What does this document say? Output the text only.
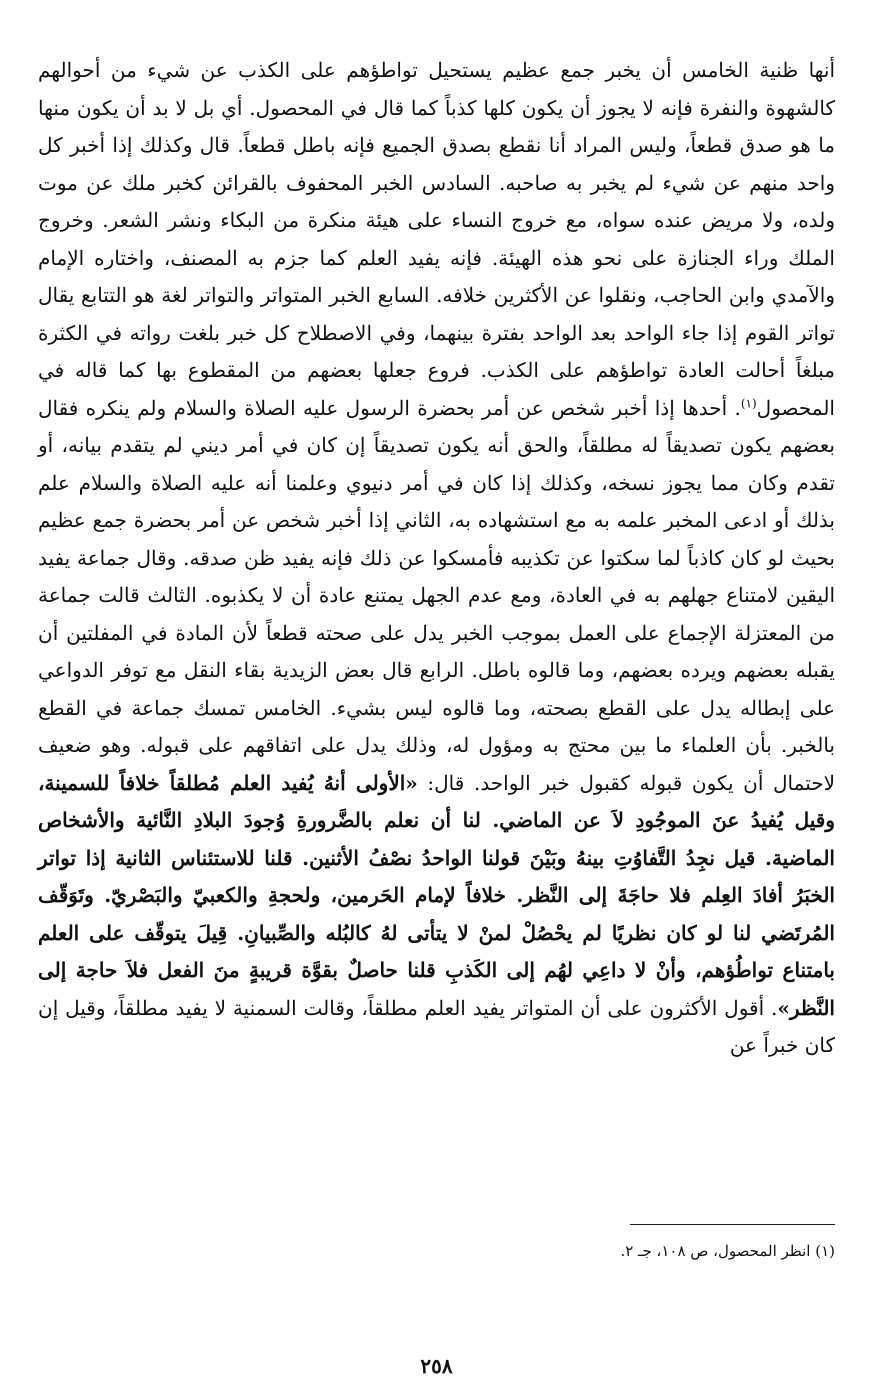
أنها ظنية الخامس أن يخبر جمع عظيم يستحيل تواطؤهم على الكذب عن شيء من أحوالهم كالشهوة والنفرة فإنه لا يجوز أن يكون كلها كذباً كما قال في المحصول. أي بل لا بد أن يكون منها ما هو صدق قطعاً، وليس المراد أنا نقطع بصدق الجميع فإنه باطل قطعاً. قال وكذلك إذا أخبر كل واحد منهم عن شيء لم يخبر به صاحبه. السادس الخبر المحفوف بالقرائن كخبر ملك عن موت ولده، ولا مريض عنده سواه، مع خروج النساء على هيئة منكرة من البكاء ونشر الشعر. وخروج الملك وراء الجنازة على نحو هذه الهيئة. فإنه يفيد العلم كما جزم به المصنف، واختاره الإمام والآمدي وابن الحاجب، ونقلوا عن الأكثرين خلافه. السابع الخبر المتواتر والتواتر لغة هو التتابع يقال تواتر القوم إذا جاء الواحد بعد الواحد بفترة بينهما، وفي الاصطلاح كل خبر بلغت رواته في الكثرة مبلغاً أحالت العادة تواطؤهم على الكذب. فروع جعلها بعضهم من المقطوع بها كما قاله في المحصول

$^{(١)}$

. أحدها إذا أخبر شخص عن أمر بحضرة الرسول عليه الصلاة والسلام ولم ينكره فقال بعضهم يكون تصديقاً له مطلقاً، والحق أنه يكون تصديقاً إن كان في أمر ديني لم يتقدم بيانه، أو تقدم وكان مما يجوز نسخه، وكذلك إذا كان في أمر دنيوي وعلمنا أنه عليه الصلاة والسلام علم بذلك أو ادعى المخبر علمه به مع استشهاده به، الثاني إذا أخبر شخص عن أمر بحضرة جمع عظيم بحيث لو كان كاذباً لما سكتوا عن تكذيبه فأمسكوا عن ذلك فإنه يفيد ظن صدقه. وقال جماعة يفيد اليقين لامتناع جهلهم به في العادة، ومع عدم الجهل يمتنع عادة أن لا يكذبوه. الثالث قالت جماعة من المعتزلة الإجماع على العمل بموجب الخبر يدل على صحته قطعاً لأن المادة في المفلتين أن يقبله بعضهم ويرده بعضهم، وما قالوه باطل. الرابع قال بعض الزيدية بقاء النقل مع توفر الدواعي على إبطاله يدل على القطع بصحته، وما قالوه ليس بشيء. الخامس تمسك جماعة في القطع بالخبر. بأن العلماء ما بين محتج به ومؤول له، وذلك يدل على اتفاقهم على قبوله. وهو ضعيف لاحتمال أن يكون قبوله كقبول خبر الواحد. قال:

«الأولى أنهُ يُفيد العلم مُطلقاً خلافاً للسمينة، وقيل يُفيدُ عنَ الموجُودِ لاَ عن الماضي. لنا أن نعلم بالضَّرورةِ وُجودَ البلادِ النَّائية والأشخاص الماضية. قيل نجِدُ التَّفاوُتِ بينهُ وبَيْنَ قولنا الواحدُ نصْفُ الأثنين. قلنا للاستئناس الثانية إذا تواتر الخبَرُ أفادَ العِلم فلا حاجَةَ إلى النَّظر. خلافاً لإمام الحَرمين، ولحجةِ والكعبيّ والبَصْريّ. وتَوَقّف المُرتَضي لنا لو كان نظريًا لم يحْصُلْ لمنْ لا يتأتى لهُ كالبُله والصِّبيانِ. قِيلَ يتوقّف على العلم بامتناع تواطُؤهم، وأنْ لا داعِي لهُم إلى الكَذبِ قلنا حاصلٌ بقوَّة قريبةٍ منَ الفعل فلاَ حاجة إلى النَّظر»

. أقول الأكثرون على أن المتواتر يفيد العلم مطلقاً، وقالت السمنية لا يفيد مطلقاً، وقيل إن كان خبراً عن

(١) انظر المحصول، ص ١٠٨، جـ ٢.
٢٥٨
